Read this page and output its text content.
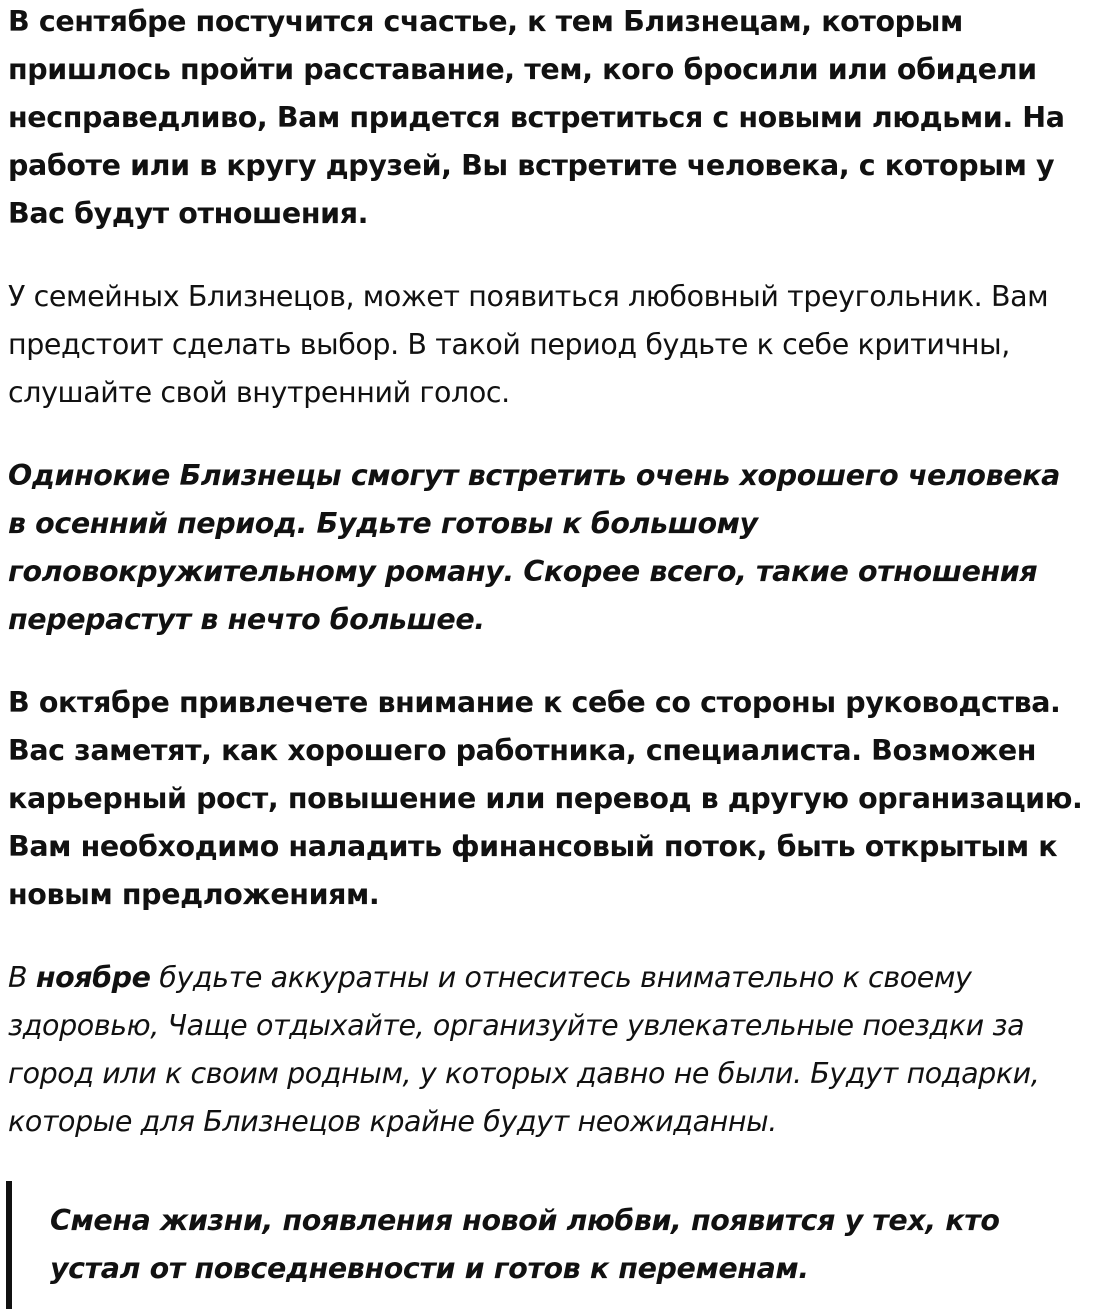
В сентябре постучится счастье, к тем Близнецам, которым пришлось пройти расставание, тем, кого бросили или обидели несправедливо, Вам придется встретиться с новыми людьми. На работе или в кругу друзей, Вы встретите человека, с которым у Вас будут отношения.

У семейных Близнецов, может появиться любовный треугольник. Вам предстоит сделать выбор. В такой период будьте к себе критичны, слушайте свой внутренний голос.

Одинокие Близнецы смогут встретить очень хорошего человека в осенний период. Будьте готовы к большому головокружительному роману. Скорее всего, такие отношения перерастут в нечто большее.

В октябре привлечете внимание к себе со стороны руководства. Вас заметят, как хорошего работника, специалиста. Возможен карьерный рост, повышение или перевод в другую организацию. Вам необходимо наладить финансовый поток, быть открытым к новым предложениям.

В ноябре будьте аккуратны и отнеситесь внимательно к своему здоровью, Чаще отдыхайте, организуйте увлекательные поездки за город или к своим родным, у которых давно не были. Будут подарки, которые для Близнецов крайне будут неожиданны.

Смена жизни, появления новой любви, появится у тех, кто устал от повседневности и готов к переменам.
